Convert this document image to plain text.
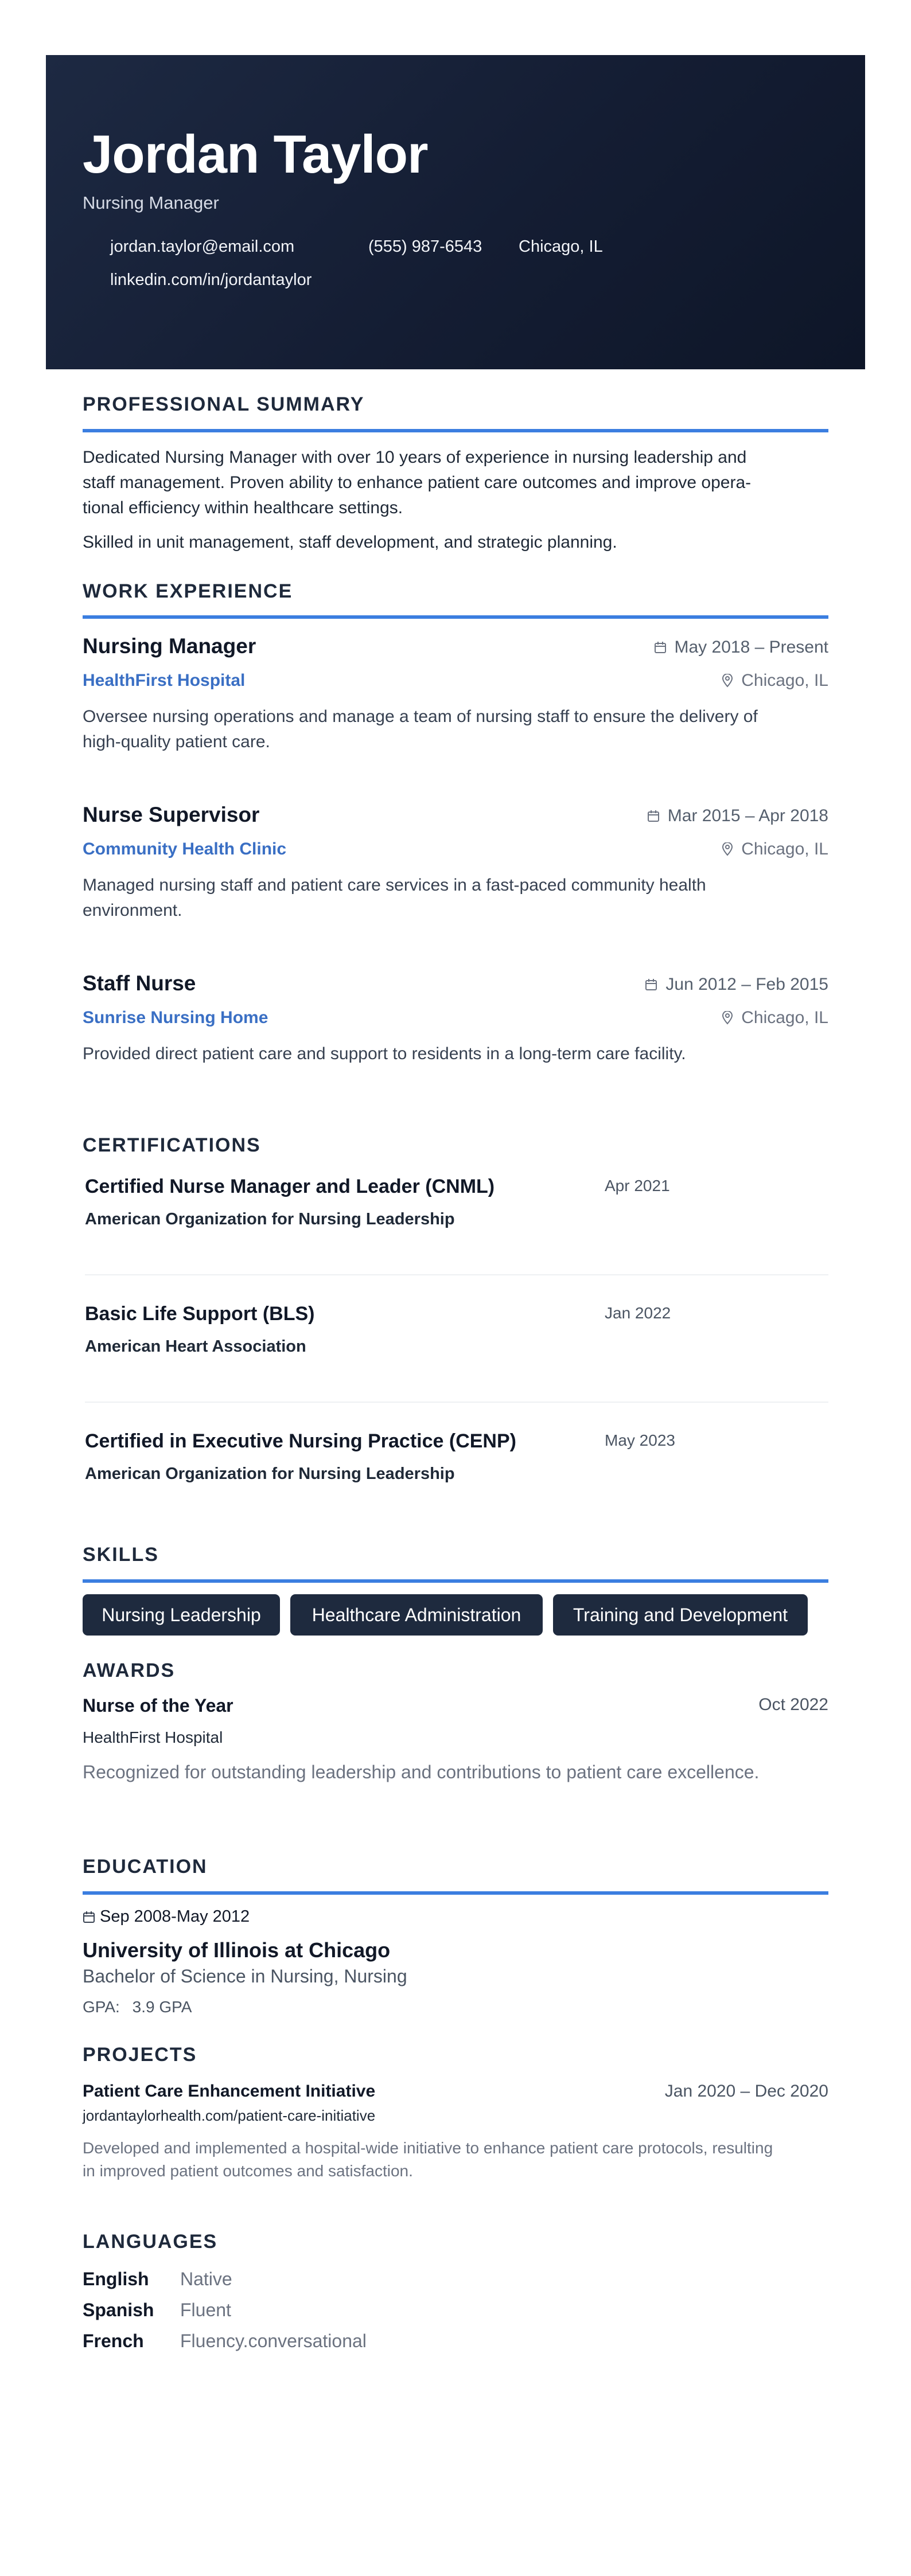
Jordan Taylor
Nursing Manager
jordan.taylor@email.com	(555) 987-6543 Chicago, IL
linkedin.com/in/jordantaylor
PROFESSIONAL SUMMARY
Dedicated Nursing Manager with over 10 years of experience in nursing leadership and
staff management. Proven ability to enhance patient care outcomes and improve opera-
tional efficiency within healthcare settings.
Skilled in unit management, staff development, and strategic planning.
WORK EXPERIENCE
Nursing Manager	May 2018 – Present
HealthFirst Hospital	Chicago, IL
Oversee nursing operations and manage a team of nursing staff to ensure the delivery of
high-quality patient care.
Nurse Supervisor	Mar 2015 – Apr 2018
Community Health Clinic	Chicago, IL
Managed nursing staff and patient care services in a fast-paced community health
environment.
Staff Nurse	Jun 2012 – Feb 2015
Sunrise Nursing Home	Chicago, IL
Provided direct patient care and support to residents in a long-term care facility.
CERTIFICATIONS
Certified Nurse Manager and Leader (CNML)	Apr 2021
American Organization for Nursing Leadership
Basic Life Support (BLS)	Jan 2022
American Heart Association
Certified in Executive Nursing Practice (CENP)	May 2023
American Organization for Nursing Leadership
SKILLS
Nursing Leadership	Healthcare Administration	Training and Development
AWARDS
Nurse of the Year	Oct 2022
HealthFirst Hospital
Recognized for outstanding leadership and contributions to patient care excellence.
EDUCATION
Sep 2008-May 2012
University of Illinois at Chicago
Bachelor of Science in Nursing, Nursing
GPA: 3.9 GPA
PROJECTS
Patient Care Enhancement Initiative	Jan 2020 – Dec 2020
jordantaylorhealth.com/patient-care-initiative
Developed and implemented a hospital-wide initiative to enhance patient care protocols, resulting
in improved patient outcomes and satisfaction.
LANGUAGES
English Native
Spanish Fluent
French Fluency.conversational
